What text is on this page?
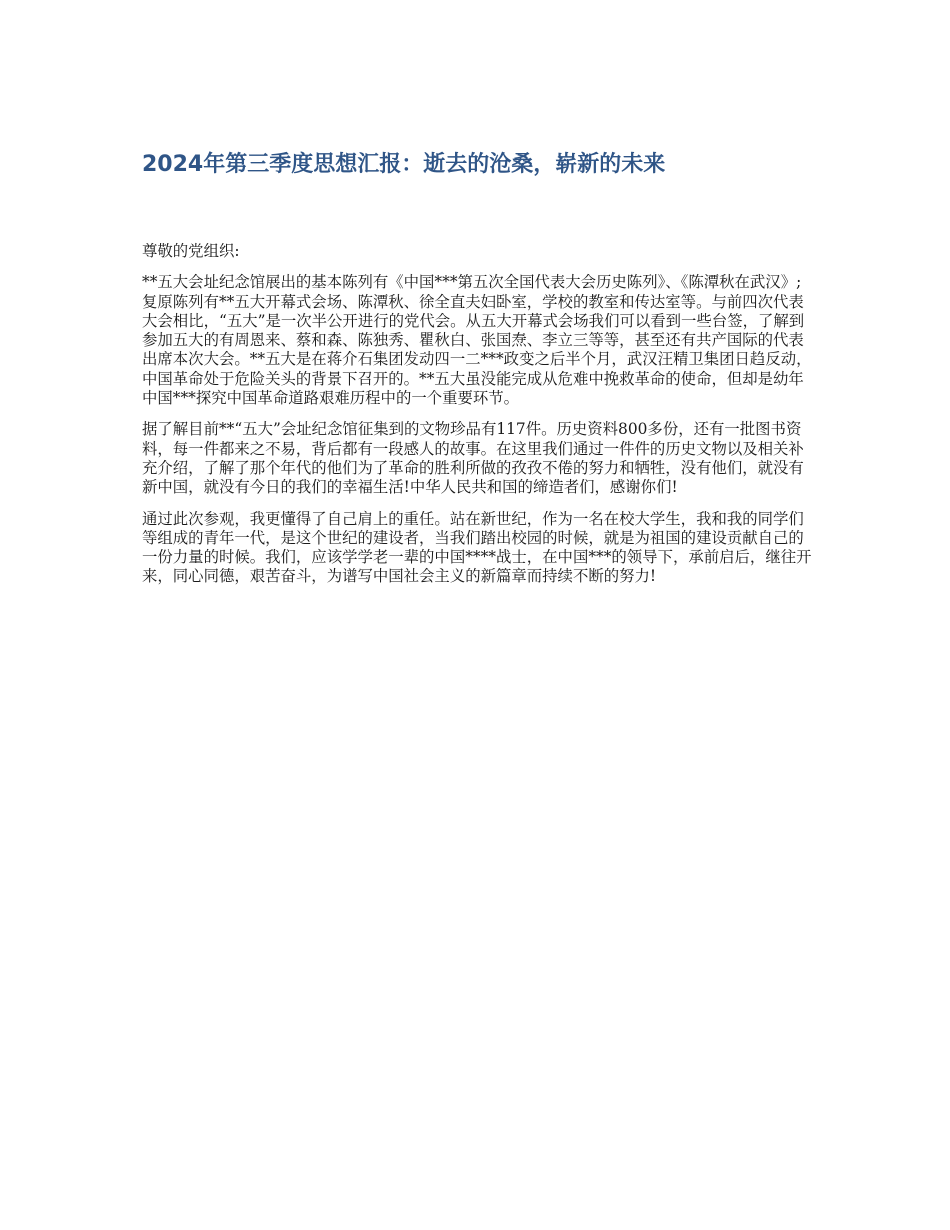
2024年第三季度思想汇报：逝去的沧桑，崭新的未来

尊敬的党组织:

**五大会址纪念馆展出的基本陈列有《中国***第五次全国代表大会历史陈列》、《陈潭秋在武汉》;复原陈列有**五大开幕式会场、陈潭秋、徐全直夫妇卧室，学校的教室和传达室等。与前四次代表大会相比，“五大”是一次半公开进行的党代会。从五大开幕式会场我们可以看到一些台签，了解到参加五大的有周恩来、蔡和森、陈独秀、瞿秋白、张国焘、李立三等等，甚至还有共产国际的代表出席本次大会。**五大是在蒋介石集团发动四一二***政变之后半个月，武汉汪精卫集团日趋反动，中国革命处于危险关头的背景下召开的。**五大虽没能完成从危难中挽救革命的使命，但却是幼年中国***探究中国革命道路艰难历程中的一个重要环节。

据了解目前**“五大”会址纪念馆征集到的文物珍品有117件。历史资料800多份，还有一批图书资料，每一件都来之不易，背后都有一段感人的故事。在这里我们通过一件件的历史文物以及相关补充介绍，了解了那个年代的他们为了革命的胜利所做的孜孜不倦的努力和牺牲，没有他们，就没有新中国，就没有今日的我们的幸福生活!中华人民共和国的缔造者们，感谢你们!

通过此次参观，我更懂得了自己肩上的重任。站在新世纪，作为一名在校大学生，我和我的同学们等组成的青年一代，是这个世纪的建设者，当我们踏出校园的时候，就是为祖国的建设贡献自己的一份力量的时候。我们，应该学学老一辈的中国****战士，在中国***的领导下，承前启后，继往开来，同心同德，艰苦奋斗，为谱写中国社会主义的新篇章而持续不断的努力!
